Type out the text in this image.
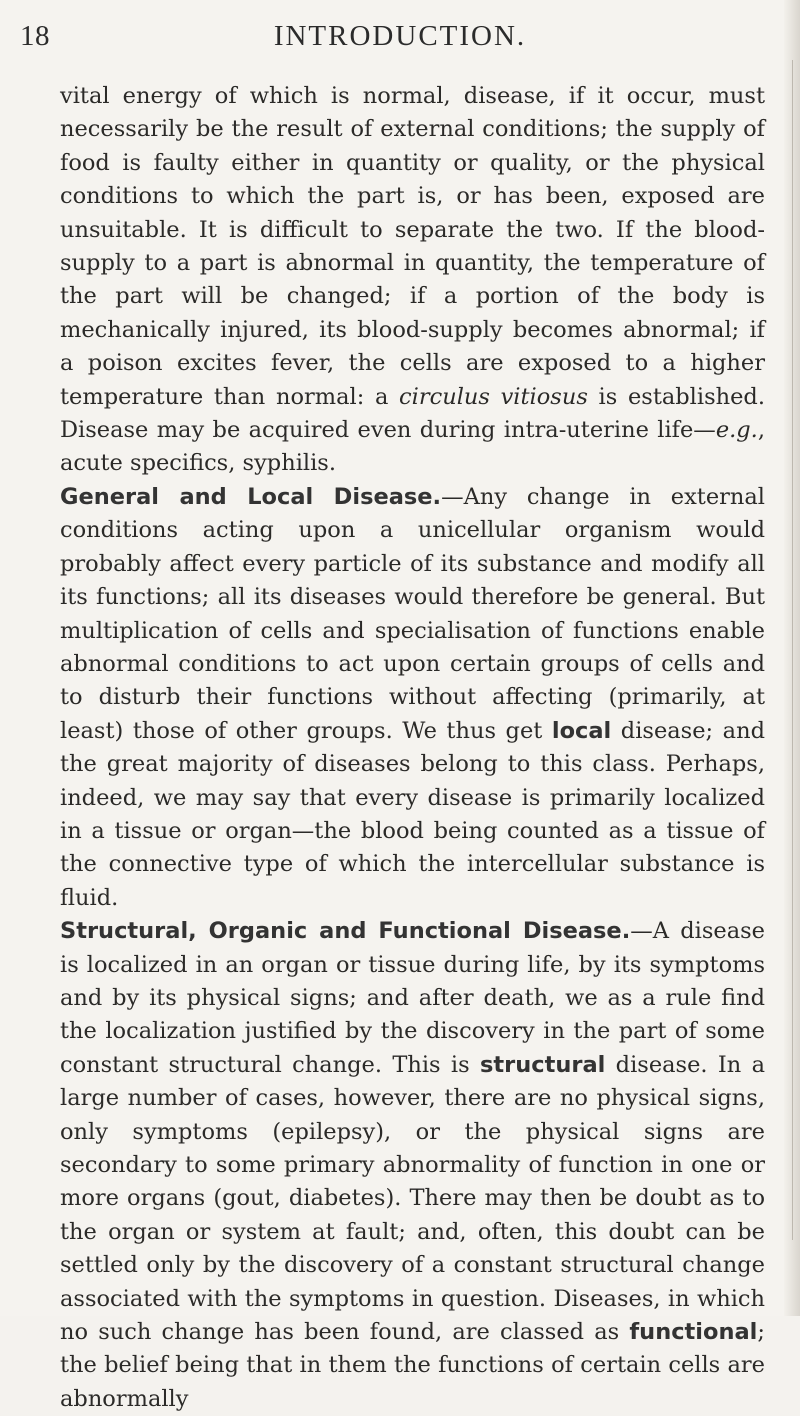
18	INTRODUCTION.

vital energy of which is normal, disease, if it occur, must necessarily be the result of external conditions; the supply of food is faulty either in quantity or quality, or the physical conditions to which the part is, or has been, exposed are unsuitable. It is difficult to separate the two. If the blood-supply to a part is abnormal in quantity, the temperature of the part will be changed; if a portion of the body is mechanically injured, its blood-supply becomes abnormal; if a poison excites fever, the cells are exposed to a higher temperature than normal: a circulus vitiosus is established. Disease may be acquired even during intra-uterine life—e.g., acute specifics, syphilis.

General and Local Disease.—Any change in external conditions acting upon a unicellular organism would probably affect every particle of its substance and modify all its functions; all its diseases would therefore be general. But multiplication of cells and specialisation of functions enable abnormal conditions to act upon certain groups of cells and to disturb their functions without affecting (primarily, at least) those of other groups. We thus get local disease; and the great majority of diseases belong to this class. Perhaps, indeed, we may say that every disease is primarily localized in a tissue or organ—the blood being counted as a tissue of the connective type of which the intercellular substance is fluid.

Structural, Organic and Functional Disease.—A disease is localized in an organ or tissue during life, by its symptoms and by its physical signs; and after death, we as a rule find the localization justified by the discovery in the part of some constant structural change. This is structural disease. In a large number of cases, however, there are no physical signs, only symptoms (epilepsy), or the physical signs are secondary to some primary abnormality of function in one or more organs (gout, diabetes). There may then be doubt as to the organ or system at fault; and, often, this doubt can be settled only by the discovery of a constant structural change associated with the symptoms in question. Diseases, in which no such change has been found, are classed as functional; the belief being that in them the functions of certain cells are abnormally
